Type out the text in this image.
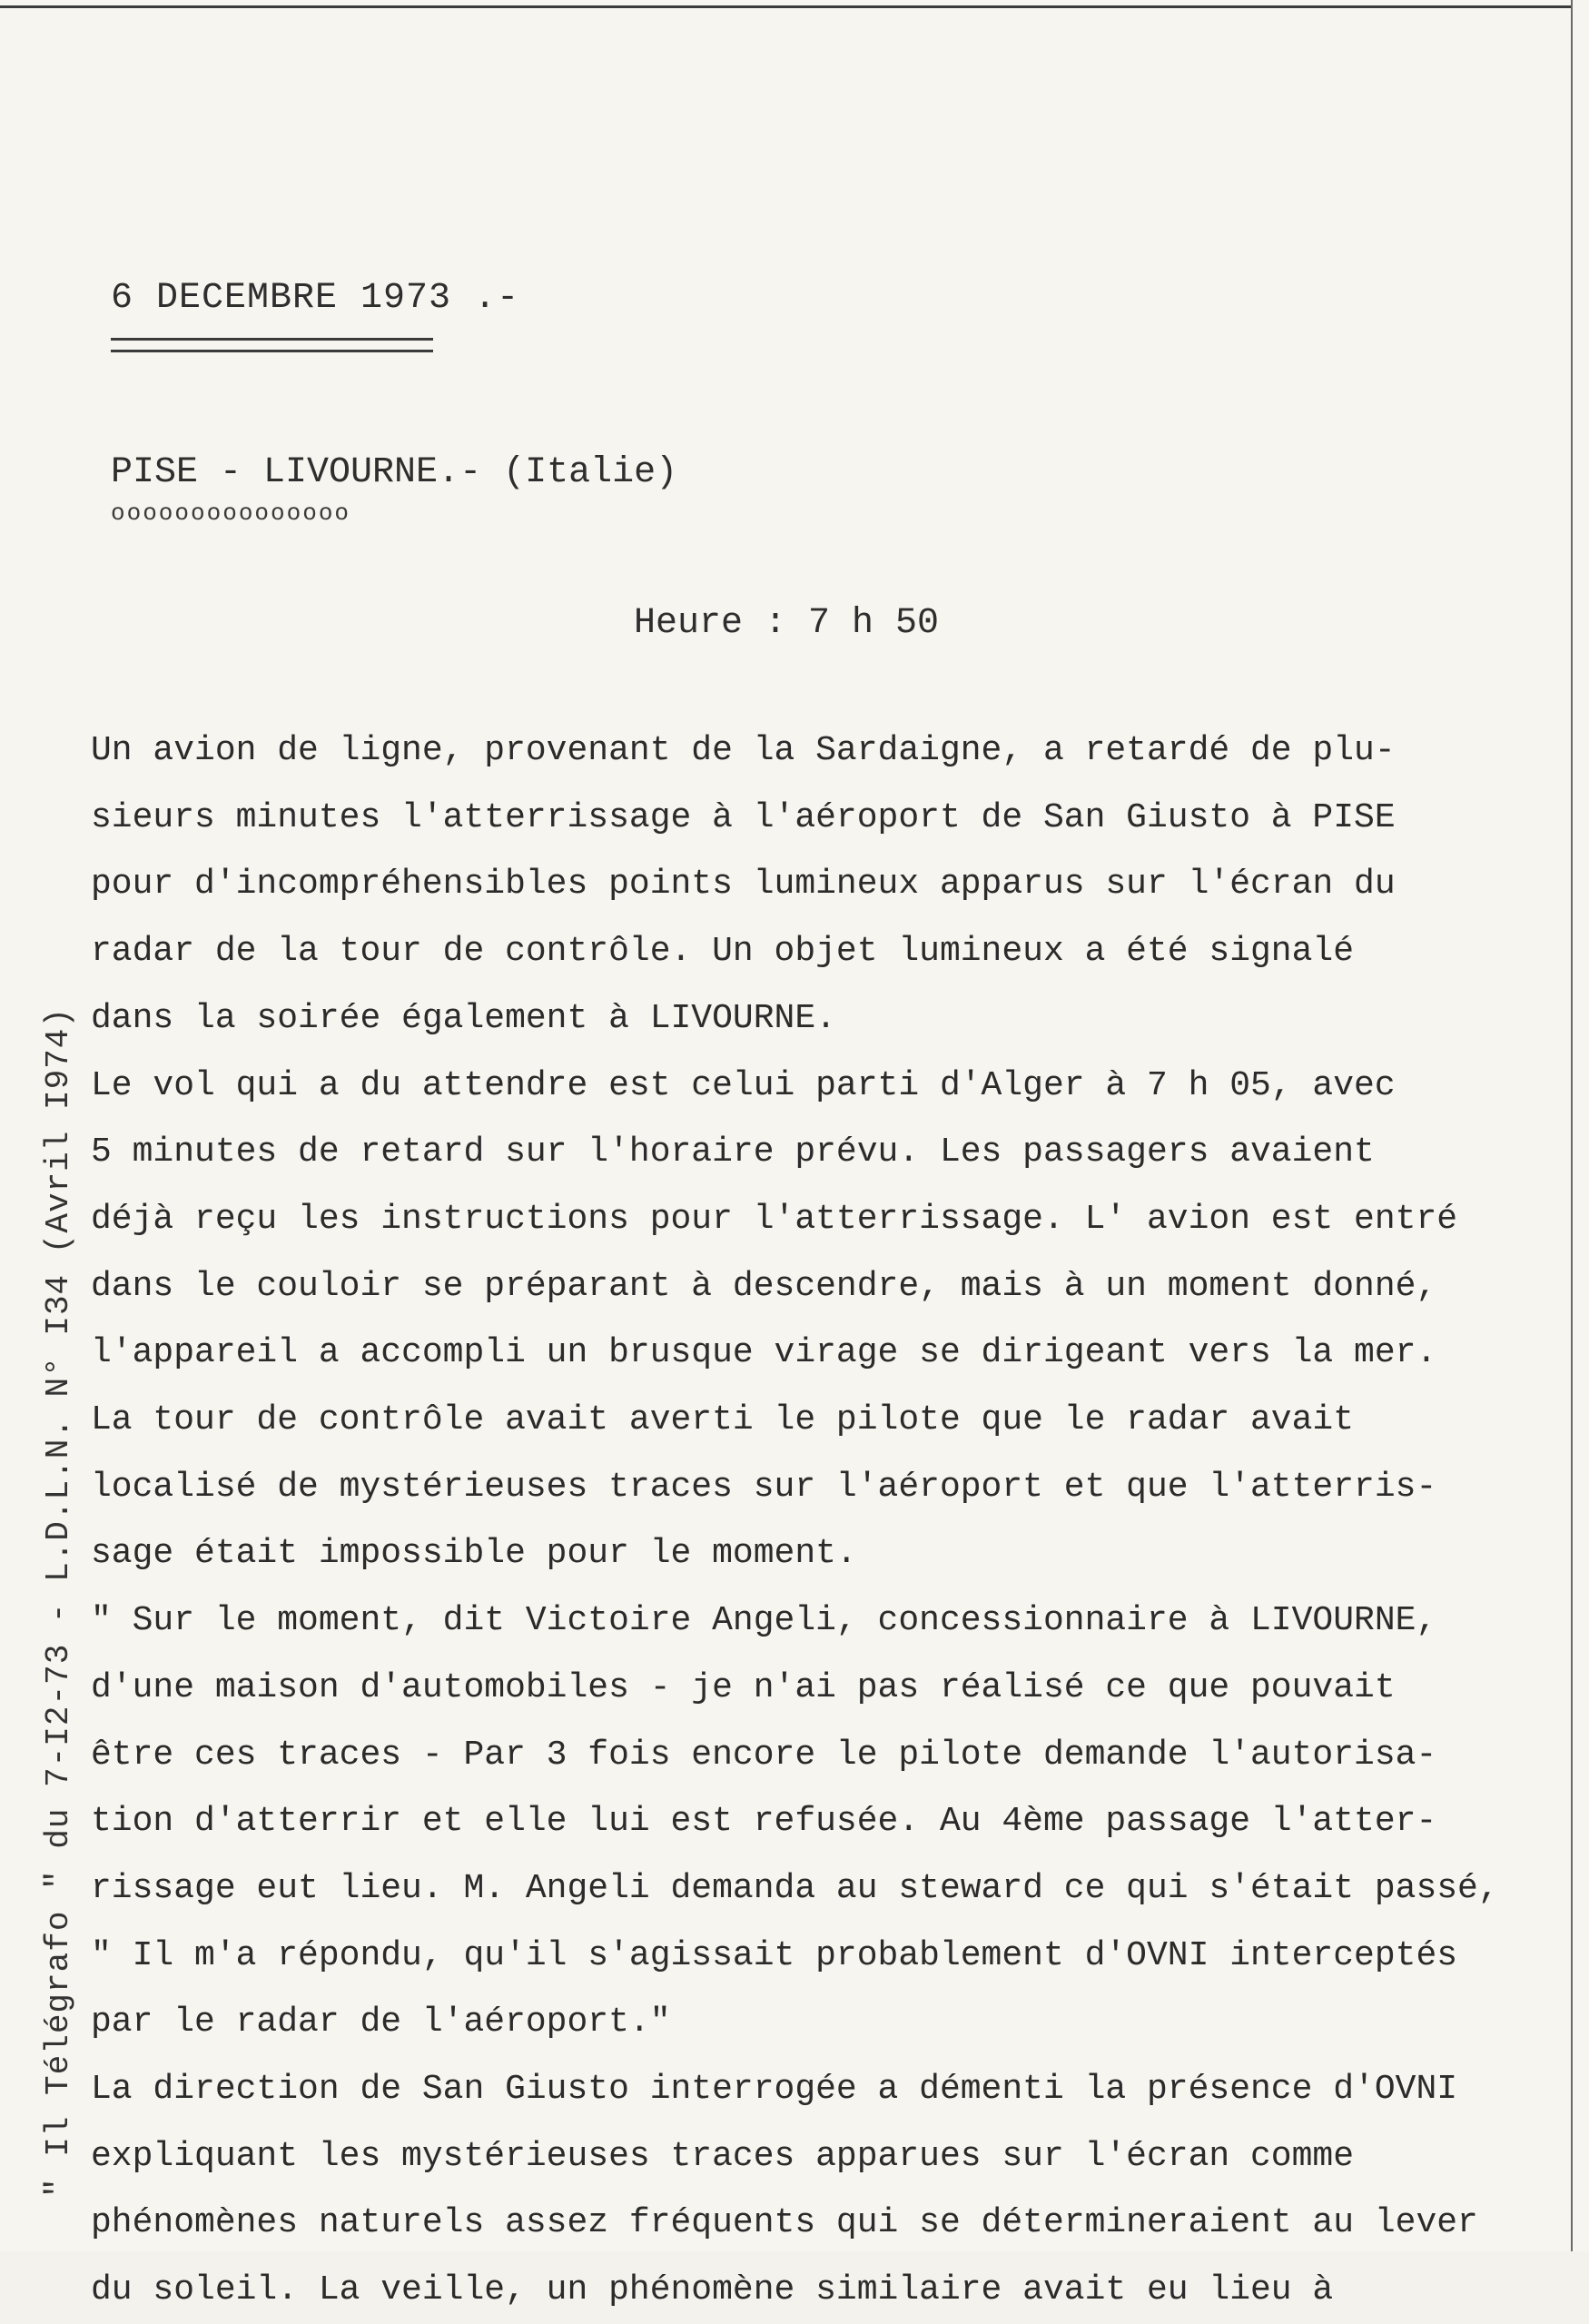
6 DECEMBRE 1973 .-
PISE - LIVOURNE.- (Italie)
ooooooooooooooo
Heure : 7 h 50
Un avion de ligne, provenant de la Sardaigne, a retardé de plu-
sieurs minutes l'atterrissage à l'aéroport de San Giusto à PISE
pour d'incompréhensibles points lumineux apparus sur l'écran du
radar de la tour de contrôle. Un objet lumineux a été signalé
dans la soirée également à LIVOURNE.
Le vol qui a du attendre est celui parti d'Alger à 7 h 05, avec
5 minutes de retard sur l'horaire prévu. Les passagers avaient
déjà reçu les instructions pour l'atterrissage. L' avion est entré
dans le couloir se préparant à descendre, mais à un moment donné,
l'appareil a accompli un brusque virage se dirigeant vers la mer.
La tour de contrôle avait averti le pilote que le radar avait
localisé de mystérieuses traces sur l'aéroport et que l'atterris-
sage était impossible pour le moment.
" Sur le moment, dit Victoire Angeli, concessionnaire à LIVOURNE,
d'une maison d'automobiles - je n'ai pas réalisé ce que pouvait
être ces traces - Par 3 fois encore le pilote demande l'autorisa-
tion d'atterrir et elle lui est refusée. Au 4ème passage l'atter-
rissage eut lieu. M. Angeli demanda au steward ce qui s'était passé,
" Il m'a répondu, qu'il s'agissait probablement d'OVNI interceptés
par le radar de l'aéroport."
La direction de San Giusto interrogée a démenti la présence d'OVNI
expliquant les mystérieuses traces apparues sur l'écran comme
phénomènes naturels assez fréquents qui se détermineraient au lever
du soleil. La veille, un phénomène similaire avait eu lieu à
" Il Télégrafo " du 7-I2-73 - L.D.L.N. N° I34 (Avril I974)
